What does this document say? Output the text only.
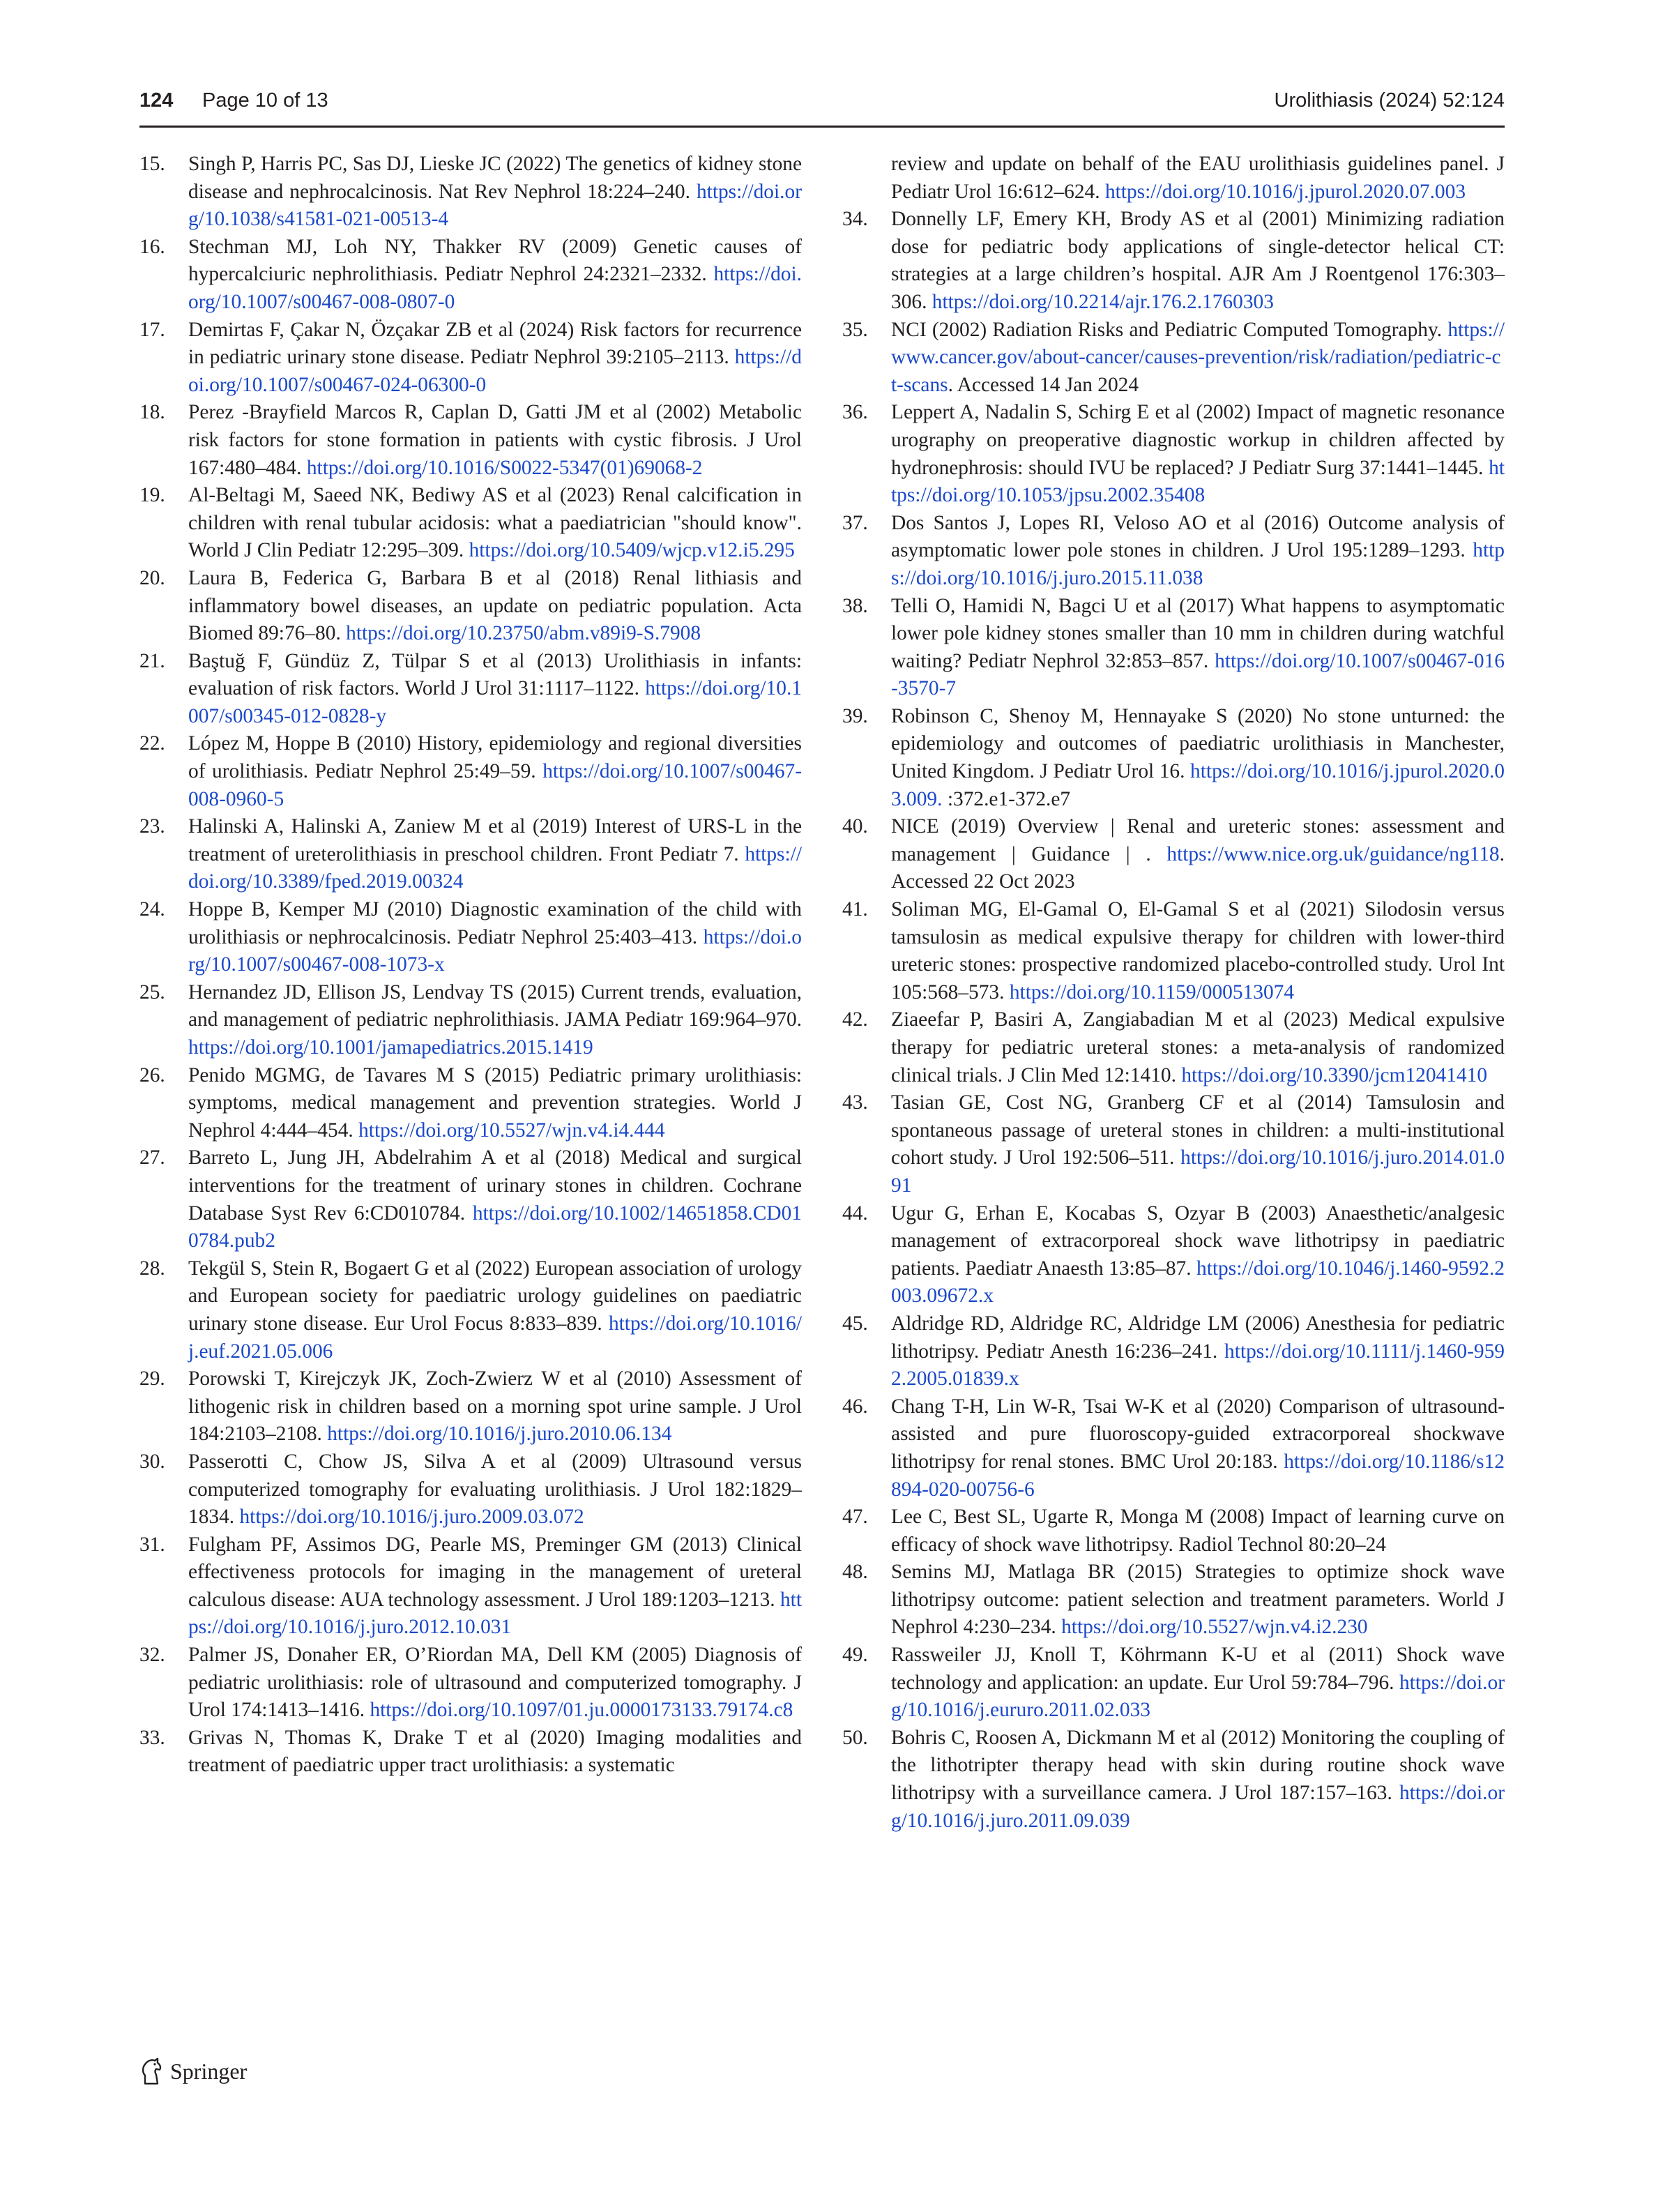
124 Page 10 of 13	Urolithiasis (2024) 52:124

15. Singh P, Harris PC, Sas DJ, Lieske JC (2022) The genetics of kidney stone disease and nephrocalcinosis. Nat Rev Nephrol 18:224–240. https://doi.org/10.1038/s41581-021-00513-4

16. Stechman MJ, Loh NY, Thakker RV (2009) Genetic causes of hypercalciuric nephrolithiasis. Pediatr Nephrol 24:2321–2332. https://doi.org/10.1007/s00467-008-0807-0

17. Demirtas F, Çakar N, Özçakar ZB et al (2024) Risk factors for recurrence in pediatric urinary stone disease. Pediatr Nephrol 39:2105–2113. https://doi.org/10.1007/s00467-024-06300-0

18. Perez -Brayfield Marcos R, Caplan D, Gatti JM et al (2002) Metabolic risk factors for stone formation in patients with cystic fibrosis. J Urol 167:480–484. https://doi.org/10.1016/S0022-5347(01)69068-2

19. Al-Beltagi M, Saeed NK, Bediwy AS et al (2023) Renal calcification in children with renal tubular acidosis: what a paediatrician "should know". World J Clin Pediatr 12:295–309. https://doi.org/10.5409/wjcp.v12.i5.295

20. Laura B, Federica G, Barbara B et al (2018) Renal lithiasis and inflammatory bowel diseases, an update on pediatric population. Acta Biomed 89:76–80. https://doi.org/10.23750/abm.v89i9-S.7908

21. Baştuğ F, Gündüz Z, Tülpar S et al (2013) Urolithiasis in infants: evaluation of risk factors. World J Urol 31:1117–1122. https://doi.org/10.1007/s00345-012-0828-y

22. López M, Hoppe B (2010) History, epidemiology and regional diversities of urolithiasis. Pediatr Nephrol 25:49–59. https://doi.org/10.1007/s00467-008-0960-5

23. Halinski A, Halinski A, Zaniew M et al (2019) Interest of URS-L in the treatment of ureterolithiasis in preschool children. Front Pediatr 7. https://doi.org/10.3389/fped.2019.00324

24. Hoppe B, Kemper MJ (2010) Diagnostic examination of the child with urolithiasis or nephrocalcinosis. Pediatr Nephrol 25:403–413. https://doi.org/10.1007/s00467-008-1073-x

25. Hernandez JD, Ellison JS, Lendvay TS (2015) Current trends, evaluation, and management of pediatric nephrolithiasis. JAMA Pediatr 169:964–970. https://doi.org/10.1001/jamapediatrics.2015.1419

26. Penido MGMG, de Tavares M S (2015) Pediatric primary urolithiasis: symptoms, medical management and prevention strategies. World J Nephrol 4:444–454. https://doi.org/10.5527/wjn.v4.i4.444

27. Barreto L, Jung JH, Abdelrahim A et al (2018) Medical and surgical interventions for the treatment of urinary stones in children. Cochrane Database Syst Rev 6:CD010784. https://doi.org/10.1002/14651858.CD010784.pub2

28. Tekgül S, Stein R, Bogaert G et al (2022) European association of urology and European society for paediatric urology guidelines on paediatric urinary stone disease. Eur Urol Focus 8:833–839. https://doi.org/10.1016/j.euf.2021.05.006

29. Porowski T, Kirejczyk JK, Zoch-Zwierz W et al (2010) Assessment of lithogenic risk in children based on a morning spot urine sample. J Urol 184:2103–2108. https://doi.org/10.1016/j.juro.2010.06.134

30. Passerotti C, Chow JS, Silva A et al (2009) Ultrasound versus computerized tomography for evaluating urolithiasis. J Urol 182:1829–1834. https://doi.org/10.1016/j.juro.2009.03.072

31. Fulgham PF, Assimos DG, Pearle MS, Preminger GM (2013) Clinical effectiveness protocols for imaging in the management of ureteral calculous disease: AUA technology assessment. J Urol 189:1203–1213. https://doi.org/10.1016/j.juro.2012.10.031

32. Palmer JS, Donaher ER, O’Riordan MA, Dell KM (2005) Diagnosis of pediatric urolithiasis: role of ultrasound and computerized tomography. J Urol 174:1413–1416. https://doi.org/10.1097/01.ju.0000173133.79174.c8

33. Grivas N, Thomas K, Drake T et al (2020) Imaging modalities and treatment of paediatric upper tract urolithiasis: a systematic

review and update on behalf of the EAU urolithiasis guidelines panel. J Pediatr Urol 16:612–624. https://doi.org/10.1016/j.jpurol.2020.07.003

34. Donnelly LF, Emery KH, Brody AS et al (2001) Minimizing radiation dose for pediatric body applications of single-detector helical CT: strategies at a large children’s hospital. AJR Am J Roentgenol 176:303–306. https://doi.org/10.2214/ajr.176.2.1760303

35. NCI (2002) Radiation Risks and Pediatric Computed Tomography. https://www.cancer.gov/about-cancer/causes-prevention/risk/radiation/pediatric-ct-scans. Accessed 14 Jan 2024

36. Leppert A, Nadalin S, Schirg E et al (2002) Impact of magnetic resonance urography on preoperative diagnostic workup in children affected by hydronephrosis: should IVU be replaced? J Pediatr Surg 37:1441–1445. https://doi.org/10.1053/jpsu.2002.35408

37. Dos Santos J, Lopes RI, Veloso AO et al (2016) Outcome analysis of asymptomatic lower pole stones in children. J Urol 195:1289–1293. https://doi.org/10.1016/j.juro.2015.11.038

38. Telli O, Hamidi N, Bagci U et al (2017) What happens to asymptomatic lower pole kidney stones smaller than 10 mm in children during watchful waiting? Pediatr Nephrol 32:853–857. https://doi.org/10.1007/s00467-016-3570-7

39. Robinson C, Shenoy M, Hennayake S (2020) No stone unturned: the epidemiology and outcomes of paediatric urolithiasis in Manchester, United Kingdom. J Pediatr Urol 16. https://doi.org/10.1016/j.jpurol.2020.03.009. :372.e1-372.e7

40. NICE (2019) Overview | Renal and ureteric stones: assessment and management | Guidance | . https://www.nice.org.uk/guidance/ng118. Accessed 22 Oct 2023

41. Soliman MG, El-Gamal O, El-Gamal S et al (2021) Silodosin versus tamsulosin as medical expulsive therapy for children with lower-third ureteric stones: prospective randomized placebo-controlled study. Urol Int 105:568–573. https://doi.org/10.1159/000513074

42. Ziaeefar P, Basiri A, Zangiabadian M et al (2023) Medical expulsive therapy for pediatric ureteral stones: a meta-analysis of randomized clinical trials. J Clin Med 12:1410. https://doi.org/10.3390/jcm12041410

43. Tasian GE, Cost NG, Granberg CF et al (2014) Tamsulosin and spontaneous passage of ureteral stones in children: a multi-institutional cohort study. J Urol 192:506–511. https://doi.org/10.1016/j.juro.2014.01.091

44. Ugur G, Erhan E, Kocabas S, Ozyar B (2003) Anaesthetic/analgesic management of extracorporeal shock wave lithotripsy in paediatric patients. Paediatr Anaesth 13:85–87. https://doi.org/10.1046/j.1460-9592.2003.09672.x

45. Aldridge RD, Aldridge RC, Aldridge LM (2006) Anesthesia for pediatric lithotripsy. Pediatr Anesth 16:236–241. https://doi.org/10.1111/j.1460-9592.2005.01839.x

46. Chang T-H, Lin W-R, Tsai W-K et al (2020) Comparison of ultrasound-assisted and pure fluoroscopy-guided extracorporeal shockwave lithotripsy for renal stones. BMC Urol 20:183. https://doi.org/10.1186/s12894-020-00756-6

47. Lee C, Best SL, Ugarte R, Monga M (2008) Impact of learning curve on efficacy of shock wave lithotripsy. Radiol Technol 80:20–24

48. Semins MJ, Matlaga BR (2015) Strategies to optimize shock wave lithotripsy outcome: patient selection and treatment parameters. World J Nephrol 4:230–234. https://doi.org/10.5527/wjn.v4.i2.230

49. Rassweiler JJ, Knoll T, Köhrmann K-U et al (2011) Shock wave technology and application: an update. Eur Urol 59:784–796. https://doi.org/10.1016/j.eururo.2011.02.033

50. Bohris C, Roosen A, Dickmann M et al (2012) Monitoring the coupling of the lithotripter therapy head with skin during routine shock wave lithotripsy with a surveillance camera. J Urol 187:157–163. https://doi.org/10.1016/j.juro.2011.09.039

Springer
